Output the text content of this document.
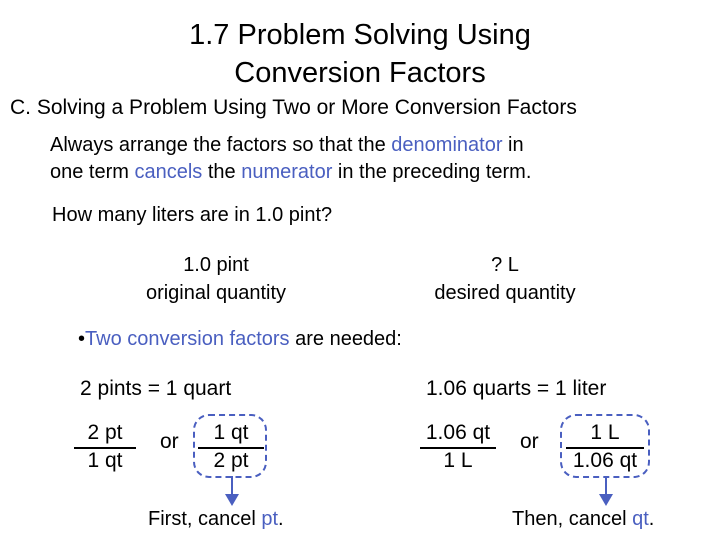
1.7 Problem Solving Using
Conversion Factors
C. Solving a Problem Using Two or More Conversion Factors
Always arrange the factors so that the denominator in
one term cancels the numerator in the preceding term.
How many liters are in 1.0 pint?
1.0 pint
original quantity
? L
desired quantity
•Two conversion factors are needed:
2 pints = 1 quart	1.06 quarts = 1 liter
2 pt
1 qt
or	1 qt
2 pt
1.06 qt
1 L
or	1 L
1.06 qt
First, cancel pt.	Then, cancel qt.
